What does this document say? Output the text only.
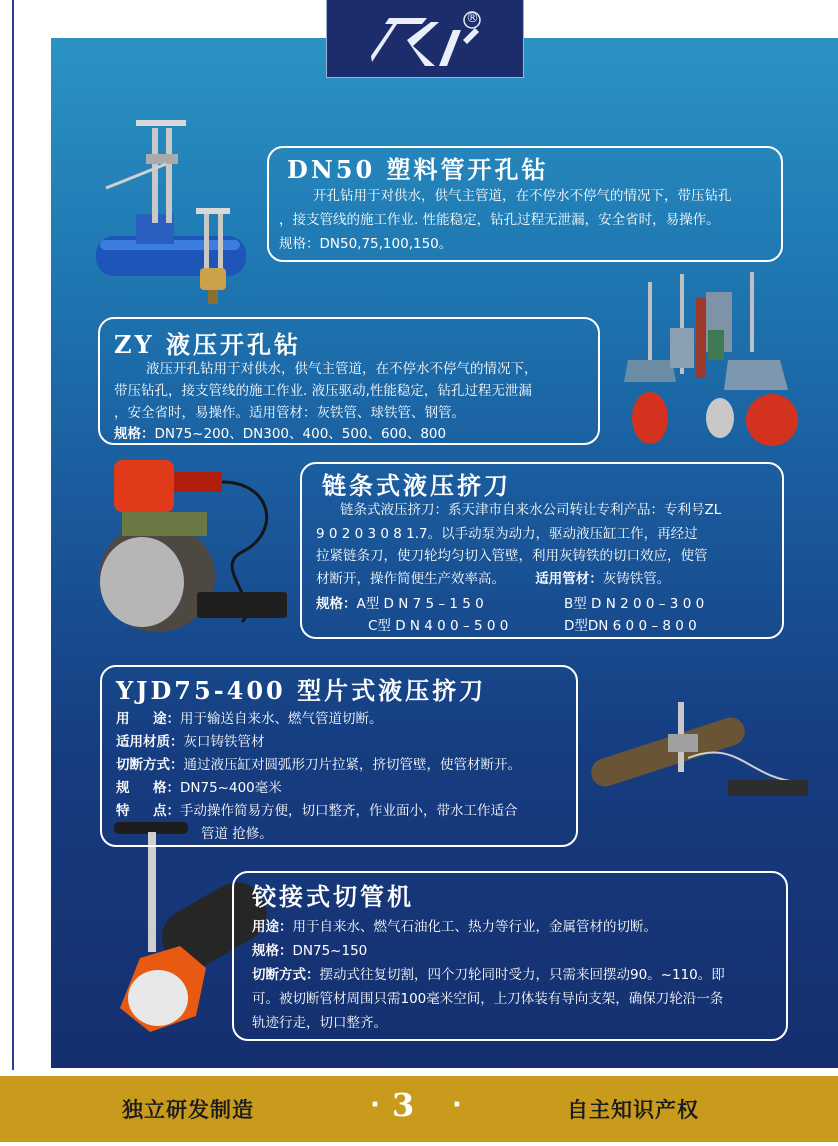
®
DN50 塑料管开孔钻
开孔钻用于对供水，供气主管道，在不停水不停气的情况下，带压钻孔
，接支管线的施工作业. 性能稳定，钻孔过程无泄漏，安全省时，易操作。
规格：DN50,75,100,150。
ZY 液压开孔钻
液压开孔钻用于对供水，供气主管道，在不停水不停气的情况下，
带压钻孔，接支管线的施工作业. 液压驱动,性能稳定，钻孔过程无泄漏
，安全省时，易操作。适用管材：灰铁管、球铁管、钢管。
规格：DN75~200、DN300、400、500、600、800
链条式液压挤刀
链条式液压挤刀：系天津市自来水公司转让专利产品：专利号ZL
9 0 2 0 3 0 8 1.7。以手动泵为动力，驱动液压缸工作，再经过
拉紧链条刀，使刀轮均匀切入管壁，利用灰铸铁的切口效应，使管
材断开，操作简便生产效率高。 适用管材：灰铸铁管。
规格：A型 D N 7 5 – 1 5 0	B型 D N 2 0 0 – 3 0 0
C型 D N 4 0 0 – 5 0 0	D型DN 6 0 0 – 8 0 0
YJD75-400 型片式液压挤刀
用     途：用于输送自来水、燃气管道切断。
适用材质：灰口铸铁管材
切断方式：通过液压缸对圆弧形刀片拉紧，挤切管壁，使管材断开。
规     格：DN75~400毫米
特     点：手动操作简易方便，切口整齐，作业面小，带水工作适合
管道 抢修。
铰接式切管机
用途：用于自来水、燃气石油化工、热力等行业，金属管材的切断。
规格：DN75~150
切断方式：摆动式往复切割，四个刀轮同时受力，只需来回摆动90。~110。即
可。被切断管材周围只需100毫米空间，上刀体装有导向支架，确保刀轮沿一条
轨迹行走，切口整齐。
独立研发制造	· 3 ·	自主知识产权
